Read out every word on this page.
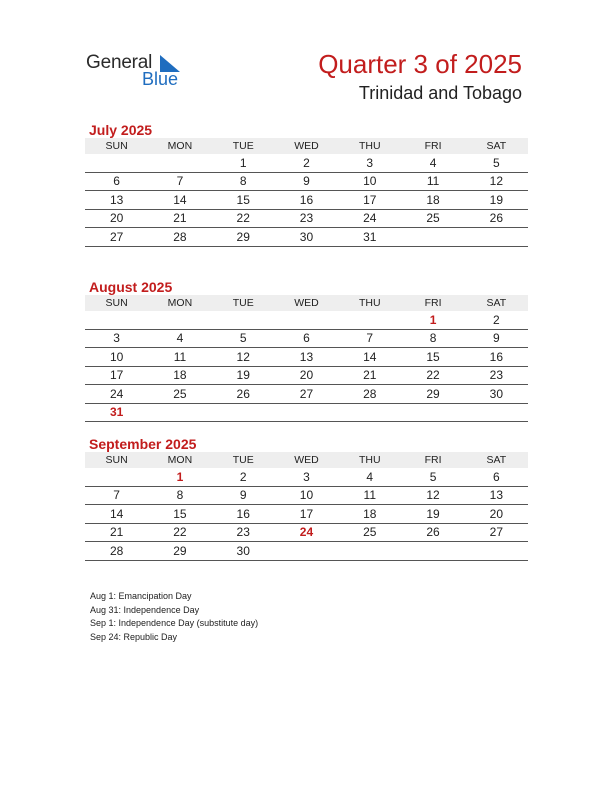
General
Blue	Quarter 3 of 2025
Trinidad and Tobago
July 2025
SUN	MON	TUE	WED	THU	FRI	SAT
		1	2	3	4	5
6	7	8	9	10	11	12
13	14	15	16	17	18	19
20	21	22	23	24	25	26
27	28	29	30	31		
August 2025
SUN	MON	TUE	WED	THU	FRI	SAT
					1	2
3	4	5	6	7	8	9
10	11	12	13	14	15	16
17	18	19	20	21	22	23
24	25	26	27	28	29	30
31						
September 2025
SUN	MON	TUE	WED	THU	FRI	SAT
	1	2	3	4	5	6
7	8	9	10	11	12	13
14	15	16	17	18	19	20
21	22	23	24	25	26	27
28	29	30				
Aug 1: Emancipation Day
Aug 31: Independence Day
Sep 1: Independence Day (substitute day)
Sep 24: Republic Day
